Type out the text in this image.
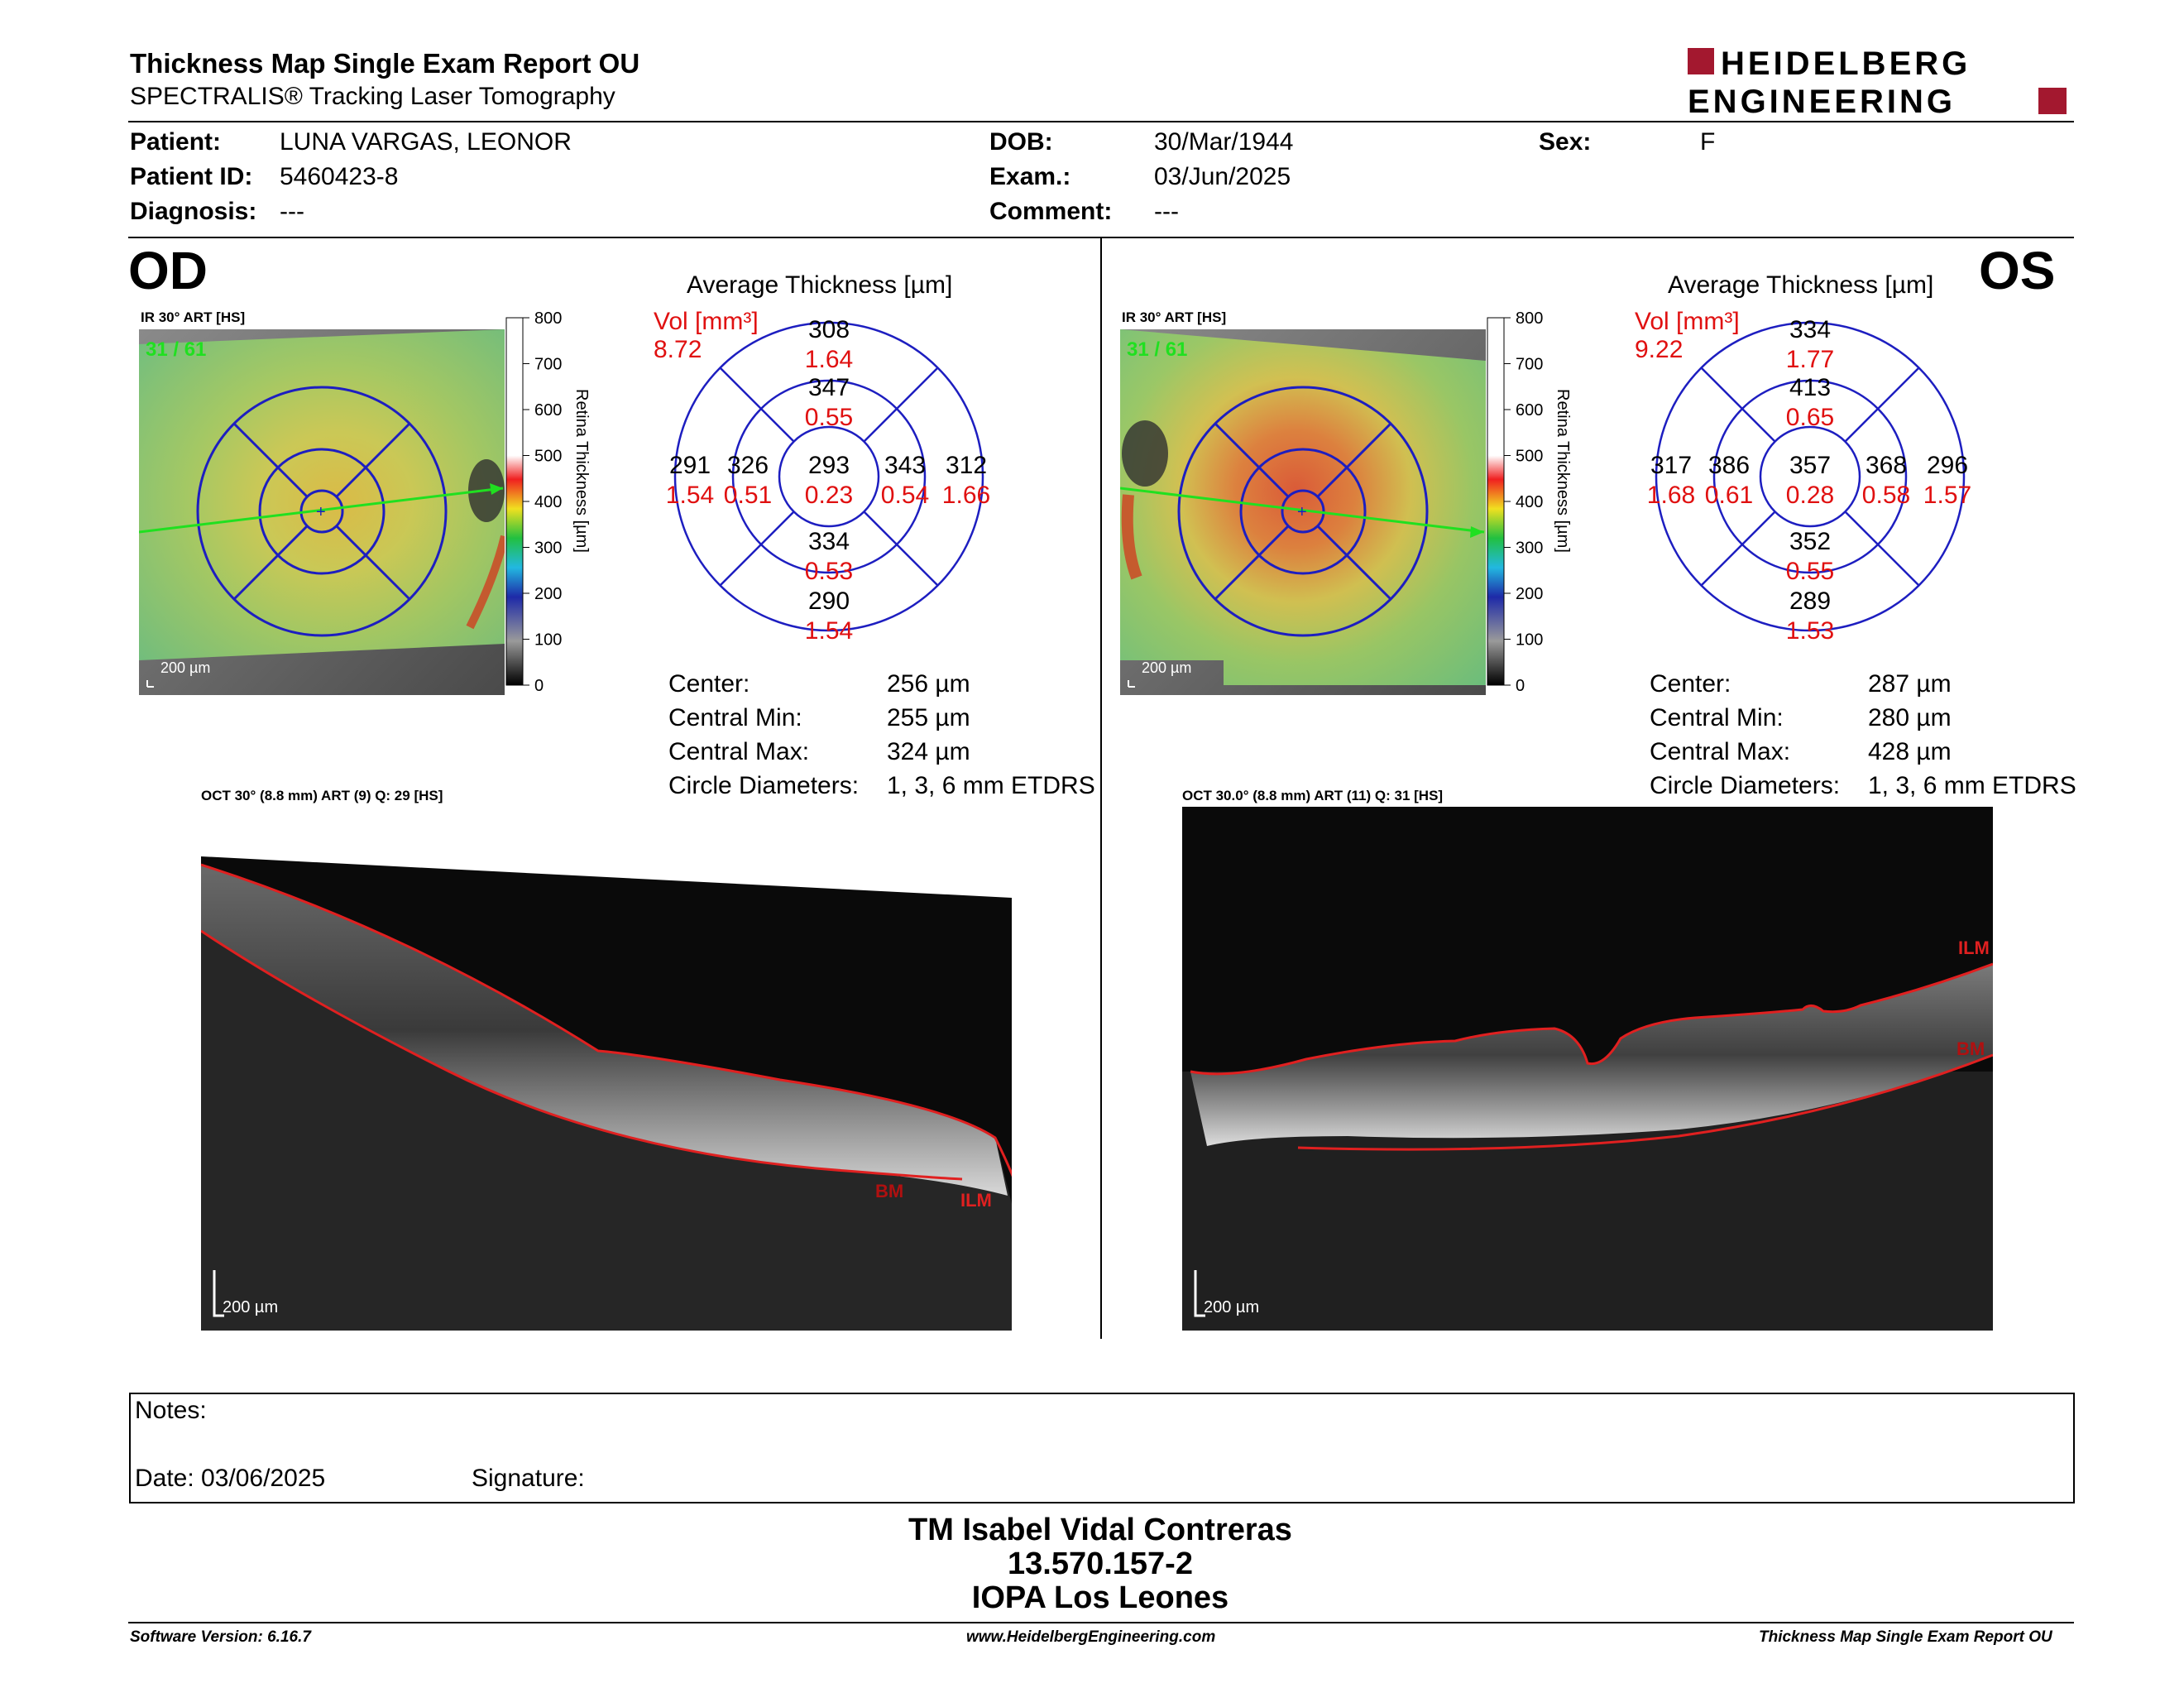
Thickness Map Single Exam Report OU
SPECTRALIS® Tracking Laser Tomography
HEIDELBERG
ENGINEERING
Patient: LUNA VARGAS, LEONOR
Patient ID: 5460423-8
Diagnosis: ---
DOB:	30/Mar/1944
Exam.:	03/Jun/2025
Comment: ---
Sex:	F
OD
IR 30° ART [HS]
31 / 61
+
200 µm
800
700
600
500
400
300
200
100
0
Retina Thickness [µm]
Average Thickness [µm]
308
1.64
347
0.55
291
1.54
326
0.51
293
0.23
343
0.54
312
1.66
334
0.53
290
1.54
Vol [mm³]
8.72
Center:	256 µm
Central Min:	255 µm
Central Max:	324 µm
Circle Diameters: 1, 3, 6 mm ETDRS
OCT 30° (8.8 mm) ART (9) Q: 29 [HS]
BM	ILM
200 µm
OS
IR 30° ART [HS]
31 / 61
+
200 µm
800
700
600
500
400
300
200
100
0
Retina Thickness [µm]
Average Thickness [µm]
334
1.77
413
0.65
317
1.68
386
0.61
357
0.28
368
0.58
296
1.57
352
0.55
289
1.53
Vol [mm³]
9.22
Center:	287 µm
Central Min:	280 µm
Central Max:	428 µm
Circle Diameters: 1, 3, 6 mm ETDRS
OCT 30.0° (8.8 mm) ART (11) Q: 31 [HS]
ILM
BM
200 µm
Notes:
Date: 03/06/2025	Signature:
TM Isabel Vidal Contreras
13.570.157-2
IOPA Los Leones
Software Version: 6.16.7	www.HeidelbergEngineering.com	Thickness Map Single Exam Report OU
